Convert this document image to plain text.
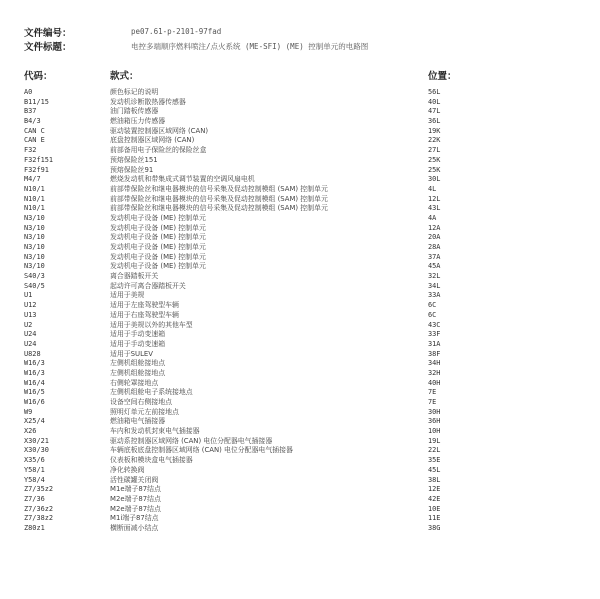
文件编号：	pe07.61-p-2101-97fad
文件标题：	电控多端顺序燃料喷注/点火系统 (ME-SFI) (ME) 控制单元的电路图
代码：	款式：	位置：
A0	颜色标记的说明	56L
B11/15	发动机诊断散热器传感器	40L
B37	油门踏板传感器	47L
B4/3	燃油箱压力传感器	36L
CAN C	驱动装置控制器区域网络 (CAN)	19K
CAN E	底盘控制器区域网络 (CAN)	22K
F32	前部备用电子保险丝的保险丝盒	27L
F32f151	预熔保险丝151	25K
F32f91	预熔保险丝91	25K
M4/7	燃烧发动机和带集成式调节装置的空调风扇电机	30L
N10/1	前部带保险丝和继电器模块的信号采集及促动控制模组 (SAM) 控制单元	4L
N10/1	前部带保险丝和继电器模块的信号采集及促动控制模组 (SAM) 控制单元	12L
N10/1	前部带保险丝和继电器模块的信号采集及促动控制模组 (SAM) 控制单元	43L
N3/10	发动机电子设备 (ME) 控制单元	4A
N3/10	发动机电子设备 (ME) 控制单元	12A
N3/10	发动机电子设备 (ME) 控制单元	20A
N3/10	发动机电子设备 (ME) 控制单元	28A
N3/10	发动机电子设备 (ME) 控制单元	37A
N3/10	发动机电子设备 (ME) 控制单元	45A
S40/3	离合器踏板开关	32L
S40/5	起动许可离合器踏板开关	34L
U1	适用于美规	33A
U12	适用于左座驾驶型车辆	6C
U13	适用于右座驾驶型车辆	6C
U2	适用于美规以外的其他车型	43C
U24	适用于手动变速箱	33F
U24	适用于手动变速箱	31A
U828	适用于SULEV	38F
W16/3	左侧机组舱接地点	34H
W16/3	左侧机组舱接地点	32H
W16/4	右侧轮罩接地点	40H
W16/5	左侧机组舱电子系统接地点	7E
W16/6	设备空间右侧接地点	7E
W9	照明灯单元左前接地点	30H
X25/4	燃油箱电气插接器	36H
X26	车内和发动机封束电气插接器	10H
X30/21	驱动系控制器区域网络 (CAN) 电位分配器电气插接器	19L
X30/30	车辆底板底盘控制器区域网络 (CAN) 电位分配器电气插接器	22L
X35/6	仪表板和模块盒电气插接器	35E
Y58/1	净化转换阀	45L
Y58/4	活性碳罐关闭阀	38L
Z7/35z2	M1e端子87结点	12E
Z7/36	M2e端子87结点	42E
Z7/36z2	M2e端子87结点	10E
Z7/38z2	M1i端子87结点	11E
Z80z1	横断面减小结点	38G
